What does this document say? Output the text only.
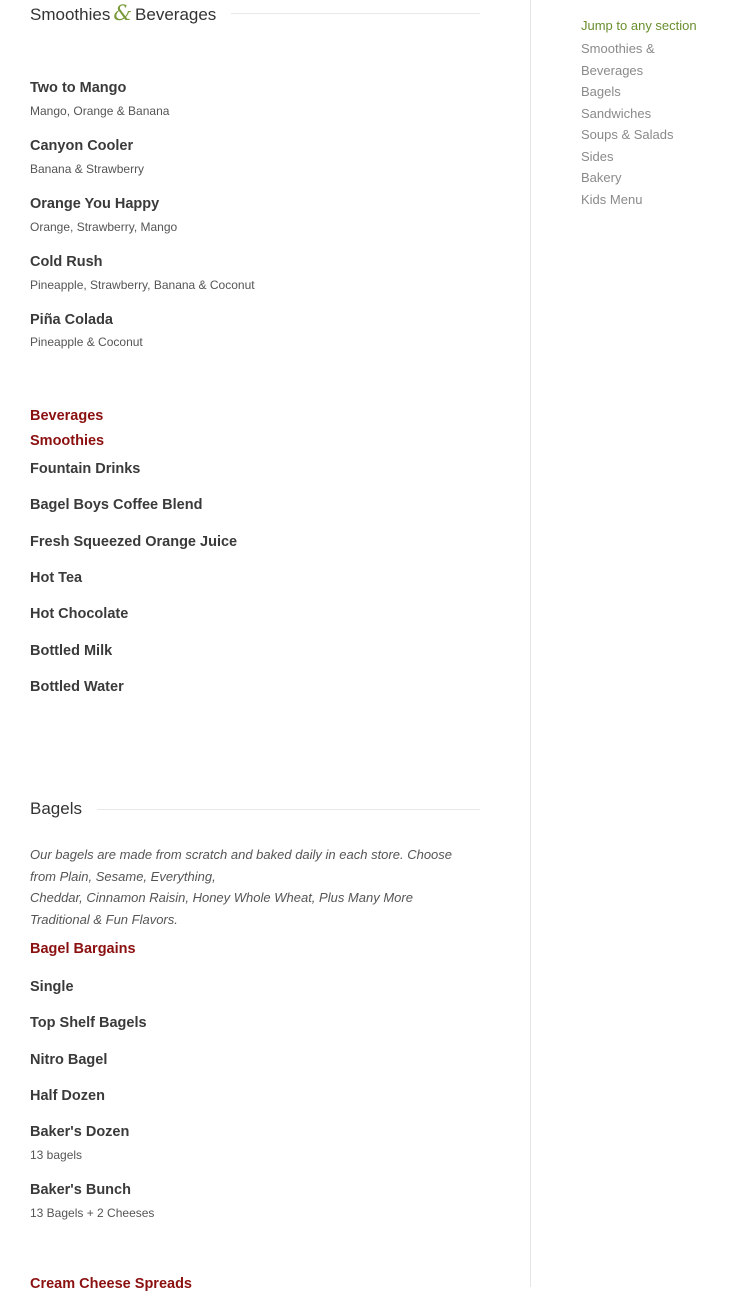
Smoothies & Beverages
Two to Mango
Mango, Orange & Banana
Canyon Cooler
Banana & Strawberry
Orange You Happy
Orange, Strawberry, Mango
Cold Rush
Pineapple, Strawberry, Banana & Coconut
Piña Colada
Pineapple & Coconut
Beverages
Smoothies
Fountain Drinks
Bagel Boys Coffee Blend
Fresh Squeezed Orange Juice
Hot Tea
Hot Chocolate
Bottled Milk
Bottled Water
Bagels
Our bagels are made from scratch and baked daily in each store. Choose
from Plain, Sesame, Everything,
Cheddar, Cinnamon Raisin, Honey Whole Wheat, Plus Many More
Traditional & Fun Flavors.
Bagel Bargains
Single
Top Shelf Bagels
Nitro Bagel
Half Dozen
Baker's Dozen
13 bagels
Baker's Bunch
13 Bagels + 2 Cheeses
Cream Cheese Spreads
Jump to any section
Smoothies &
Beverages
Bagels
Sandwiches
Soups & Salads
Sides
Bakery
Kids Menu
